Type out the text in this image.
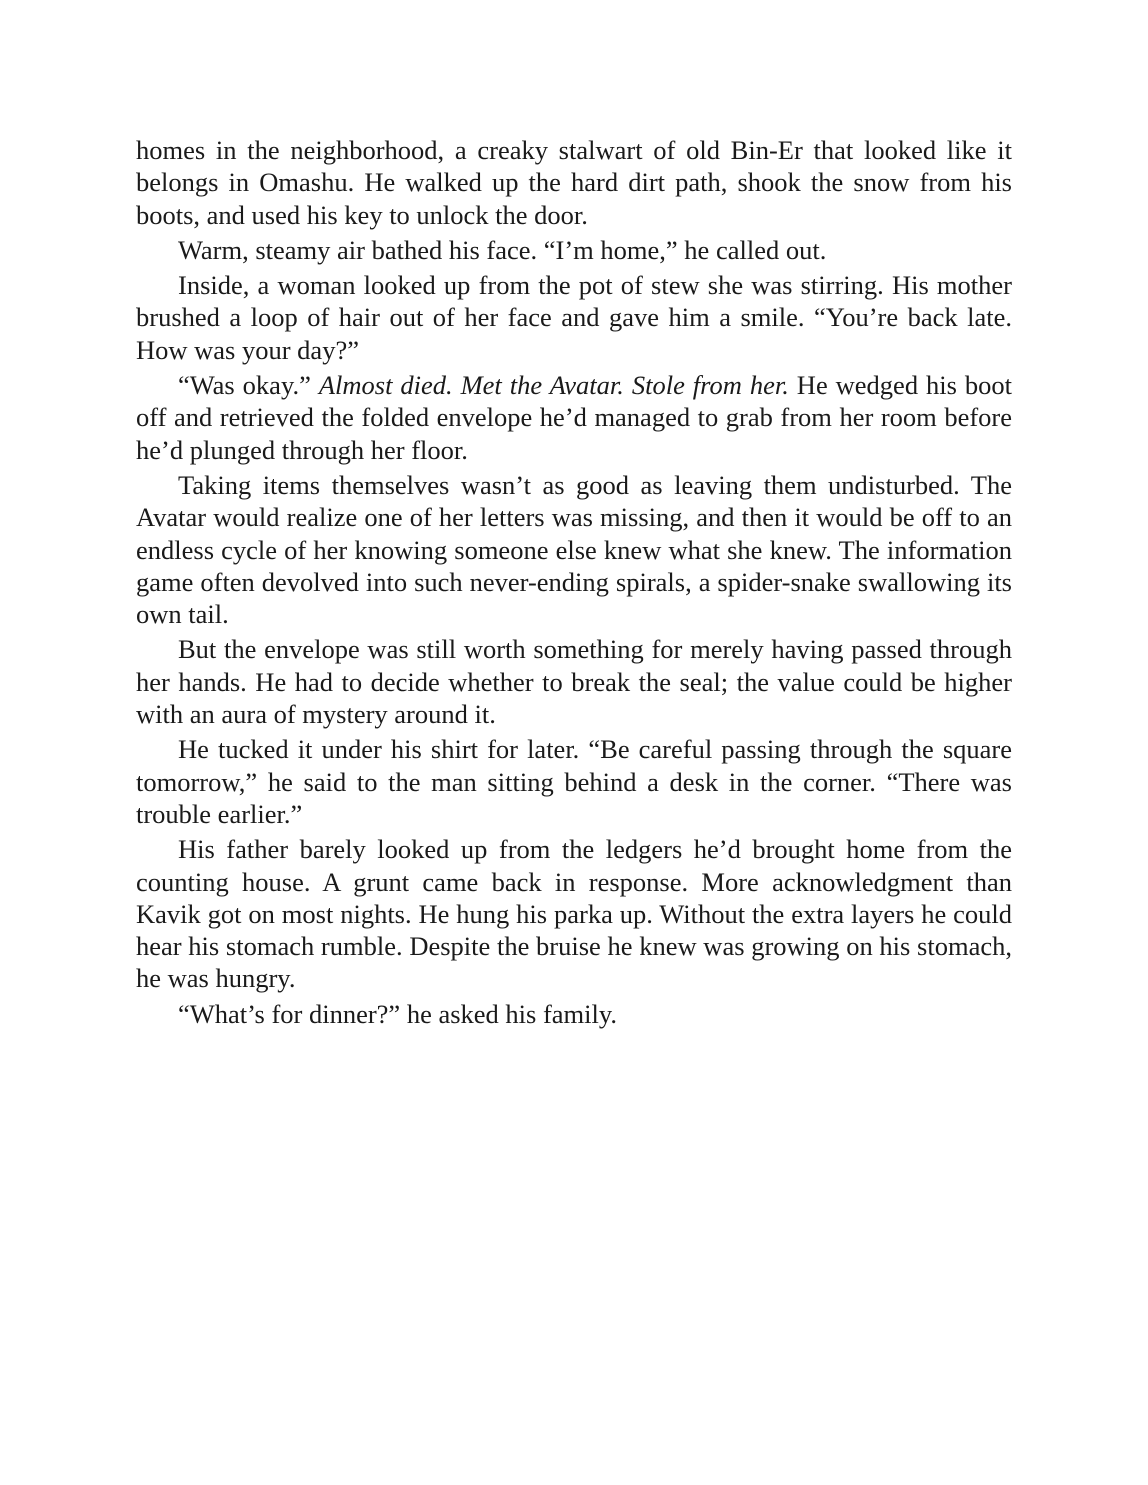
homes in the neighborhood, a creaky stalwart of old Bin-Er that looked like it belongs in Omashu. He walked up the hard dirt path, shook the snow from his boots, and used his key to unlock the door.

Warm, steamy air bathed his face. “I’m home,” he called out.

Inside, a woman looked up from the pot of stew she was stirring. His mother brushed a loop of hair out of her face and gave him a smile. “You’re back late. How was your day?”

“Was okay.” Almost died. Met the Avatar. Stole from her. He wedged his boot off and retrieved the folded envelope he’d managed to grab from her room before he’d plunged through her floor.

Taking items themselves wasn’t as good as leaving them undisturbed. The Avatar would realize one of her letters was missing, and then it would be off to an endless cycle of her knowing someone else knew what she knew. The information game often devolved into such never-ending spirals, a spider-snake swallowing its own tail.

But the envelope was still worth something for merely having passed through her hands. He had to decide whether to break the seal; the value could be higher with an aura of mystery around it.

He tucked it under his shirt for later. “Be careful passing through the square tomorrow,” he said to the man sitting behind a desk in the corner. “There was trouble earlier.”

His father barely looked up from the ledgers he’d brought home from the counting house. A grunt came back in response. More acknowledgment than Kavik got on most nights. He hung his parka up. Without the extra layers he could hear his stomach rumble. Despite the bruise he knew was growing on his stomach, he was hungry.

“What’s for dinner?” he asked his family.
